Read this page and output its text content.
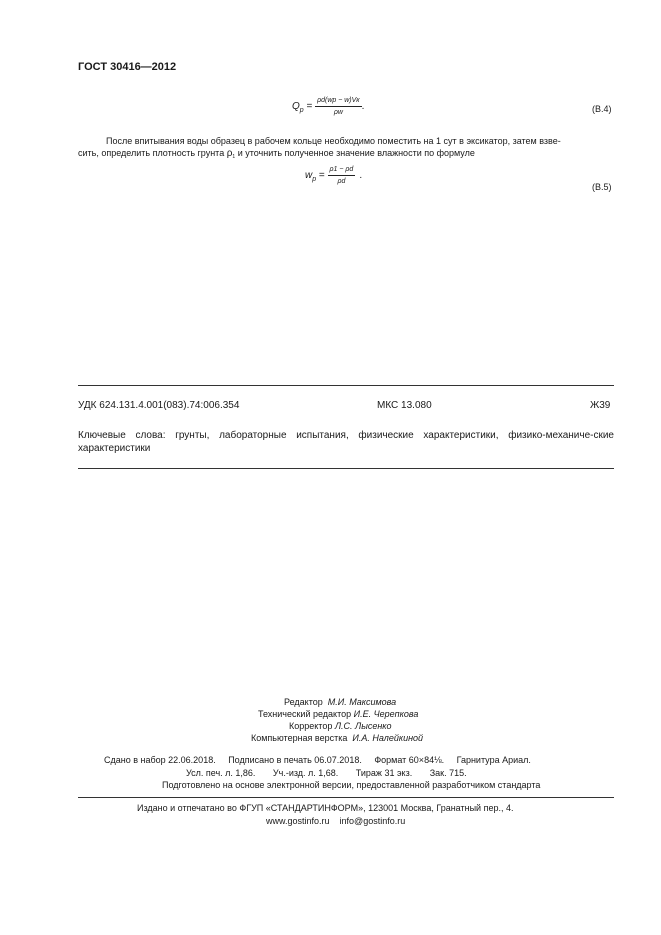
ГОСТ 30416—2012
$Q_p = \frac{\rho d(wp - w)Vк}{\rho w}$ .	(В.4)
После впитывания воды образец в рабочем кольце необходимо поместить на 1 сут в эксикатор, затем взве-
сить, определить плотность грунта $\rho_1$ и уточнить полученное значение влажности по формуле
$w_p = \frac{\rho 1 - \rho d}{\rho d}$ .
(В.5)
УДК 624.131.4.001(083).74:006.354	МКС 13.080	Ж39
Ключевые слова: грунты, лабораторные испытания, физические характеристики, физико-механиче-ские характеристики
Редактор М.И. Максимова
Технический редактор И.Е. Черепкова
Корректор Л.С. Лысенко
Компьютерная верстка И.А. Налейкиной
Сдано в набор 22.06.2018.     Подписано в печать 06.07.2018.     Формат 60×84⅛.     Гарнитура Ариал.
Усл. печ. л. 1,86.       Уч.-изд. л. 1,68.       Тираж 31 экз.       Зак. 715.
Подготовлено на основе электронной версии, предоставленной разработчиком стандарта
Издано и отпечатано во ФГУП «СТАНДАРТИНФОРМ», 123001 Москва, Гранатный пер., 4.
www.gostinfo.ru info@gostinfo.ru
